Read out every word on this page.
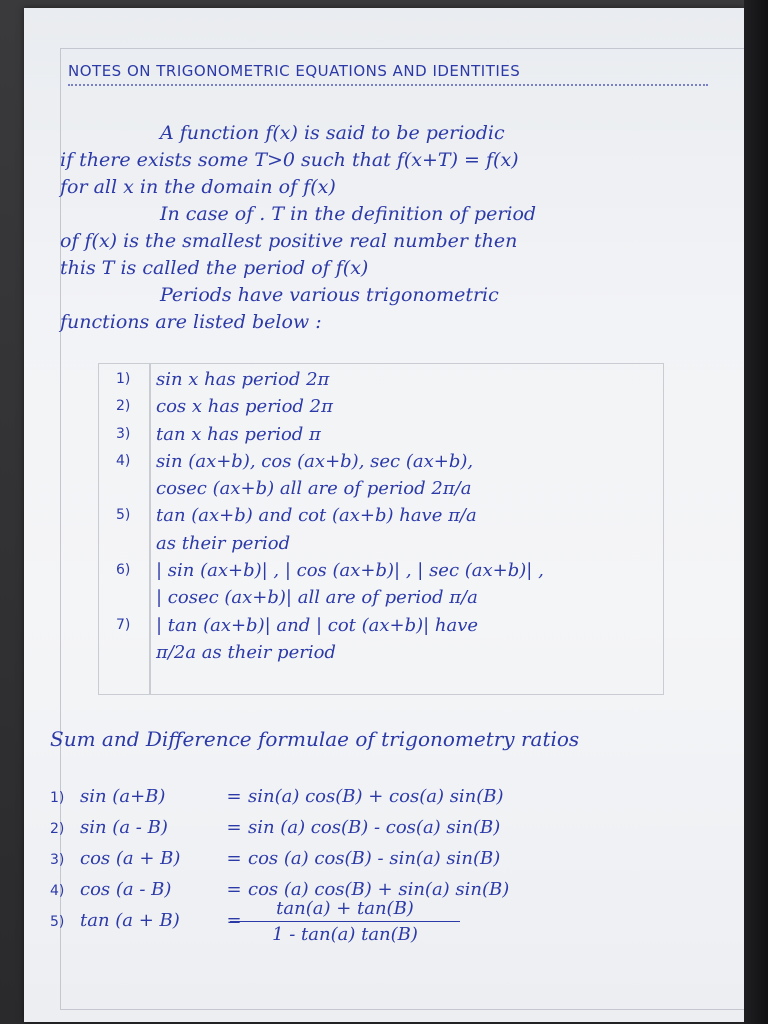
NOTES ON TRIGONOMETRIC EQUATIONS AND IDENTITIES

A function f(x) is said to be periodic

if there exists some T>0 such that f(x+T) = f(x)

for all x in the domain of f(x)

In case of . T in the definition of period

of f(x) is the smallest positive real number then

this T is called the period of f(x)

Periods have various trigonometric

functions are listed below :

1)	sin x has period 2π
2)	cos x has period 2π
3)	tan x has period π
4)	sin (ax+b), cos (ax+b), sec (ax+b),
cosec (ax+b) all are of period 2π/a
5)	tan (ax+b) and cot (ax+b) have π/a
as their period
6)	| sin (ax+b)| , | cos (ax+b)| , | sec (ax+b)| ,
| cosec (ax+b)| all are of period π/a
7)	| tan (ax+b)| and | cot (ax+b)| have
π/2a as their period
Sum and Difference formulae of trigonometry ratios
1) sin (a+B)	= sin(a) cos(B) + cos(a) sin(B)
2) sin (a - B)	= sin (a) cos(B) - cos(a) sin(B)
3) cos (a + B)	= cos (a) cos(B) - sin(a) sin(B)
4) cos (a - B)	= cos (a) cos(B) + sin(a) sin(B)
5) tan (a + B)	=
$\frac{\tan(a) + \tan(B)}{1 - \tan(a) \tan(B)}$
